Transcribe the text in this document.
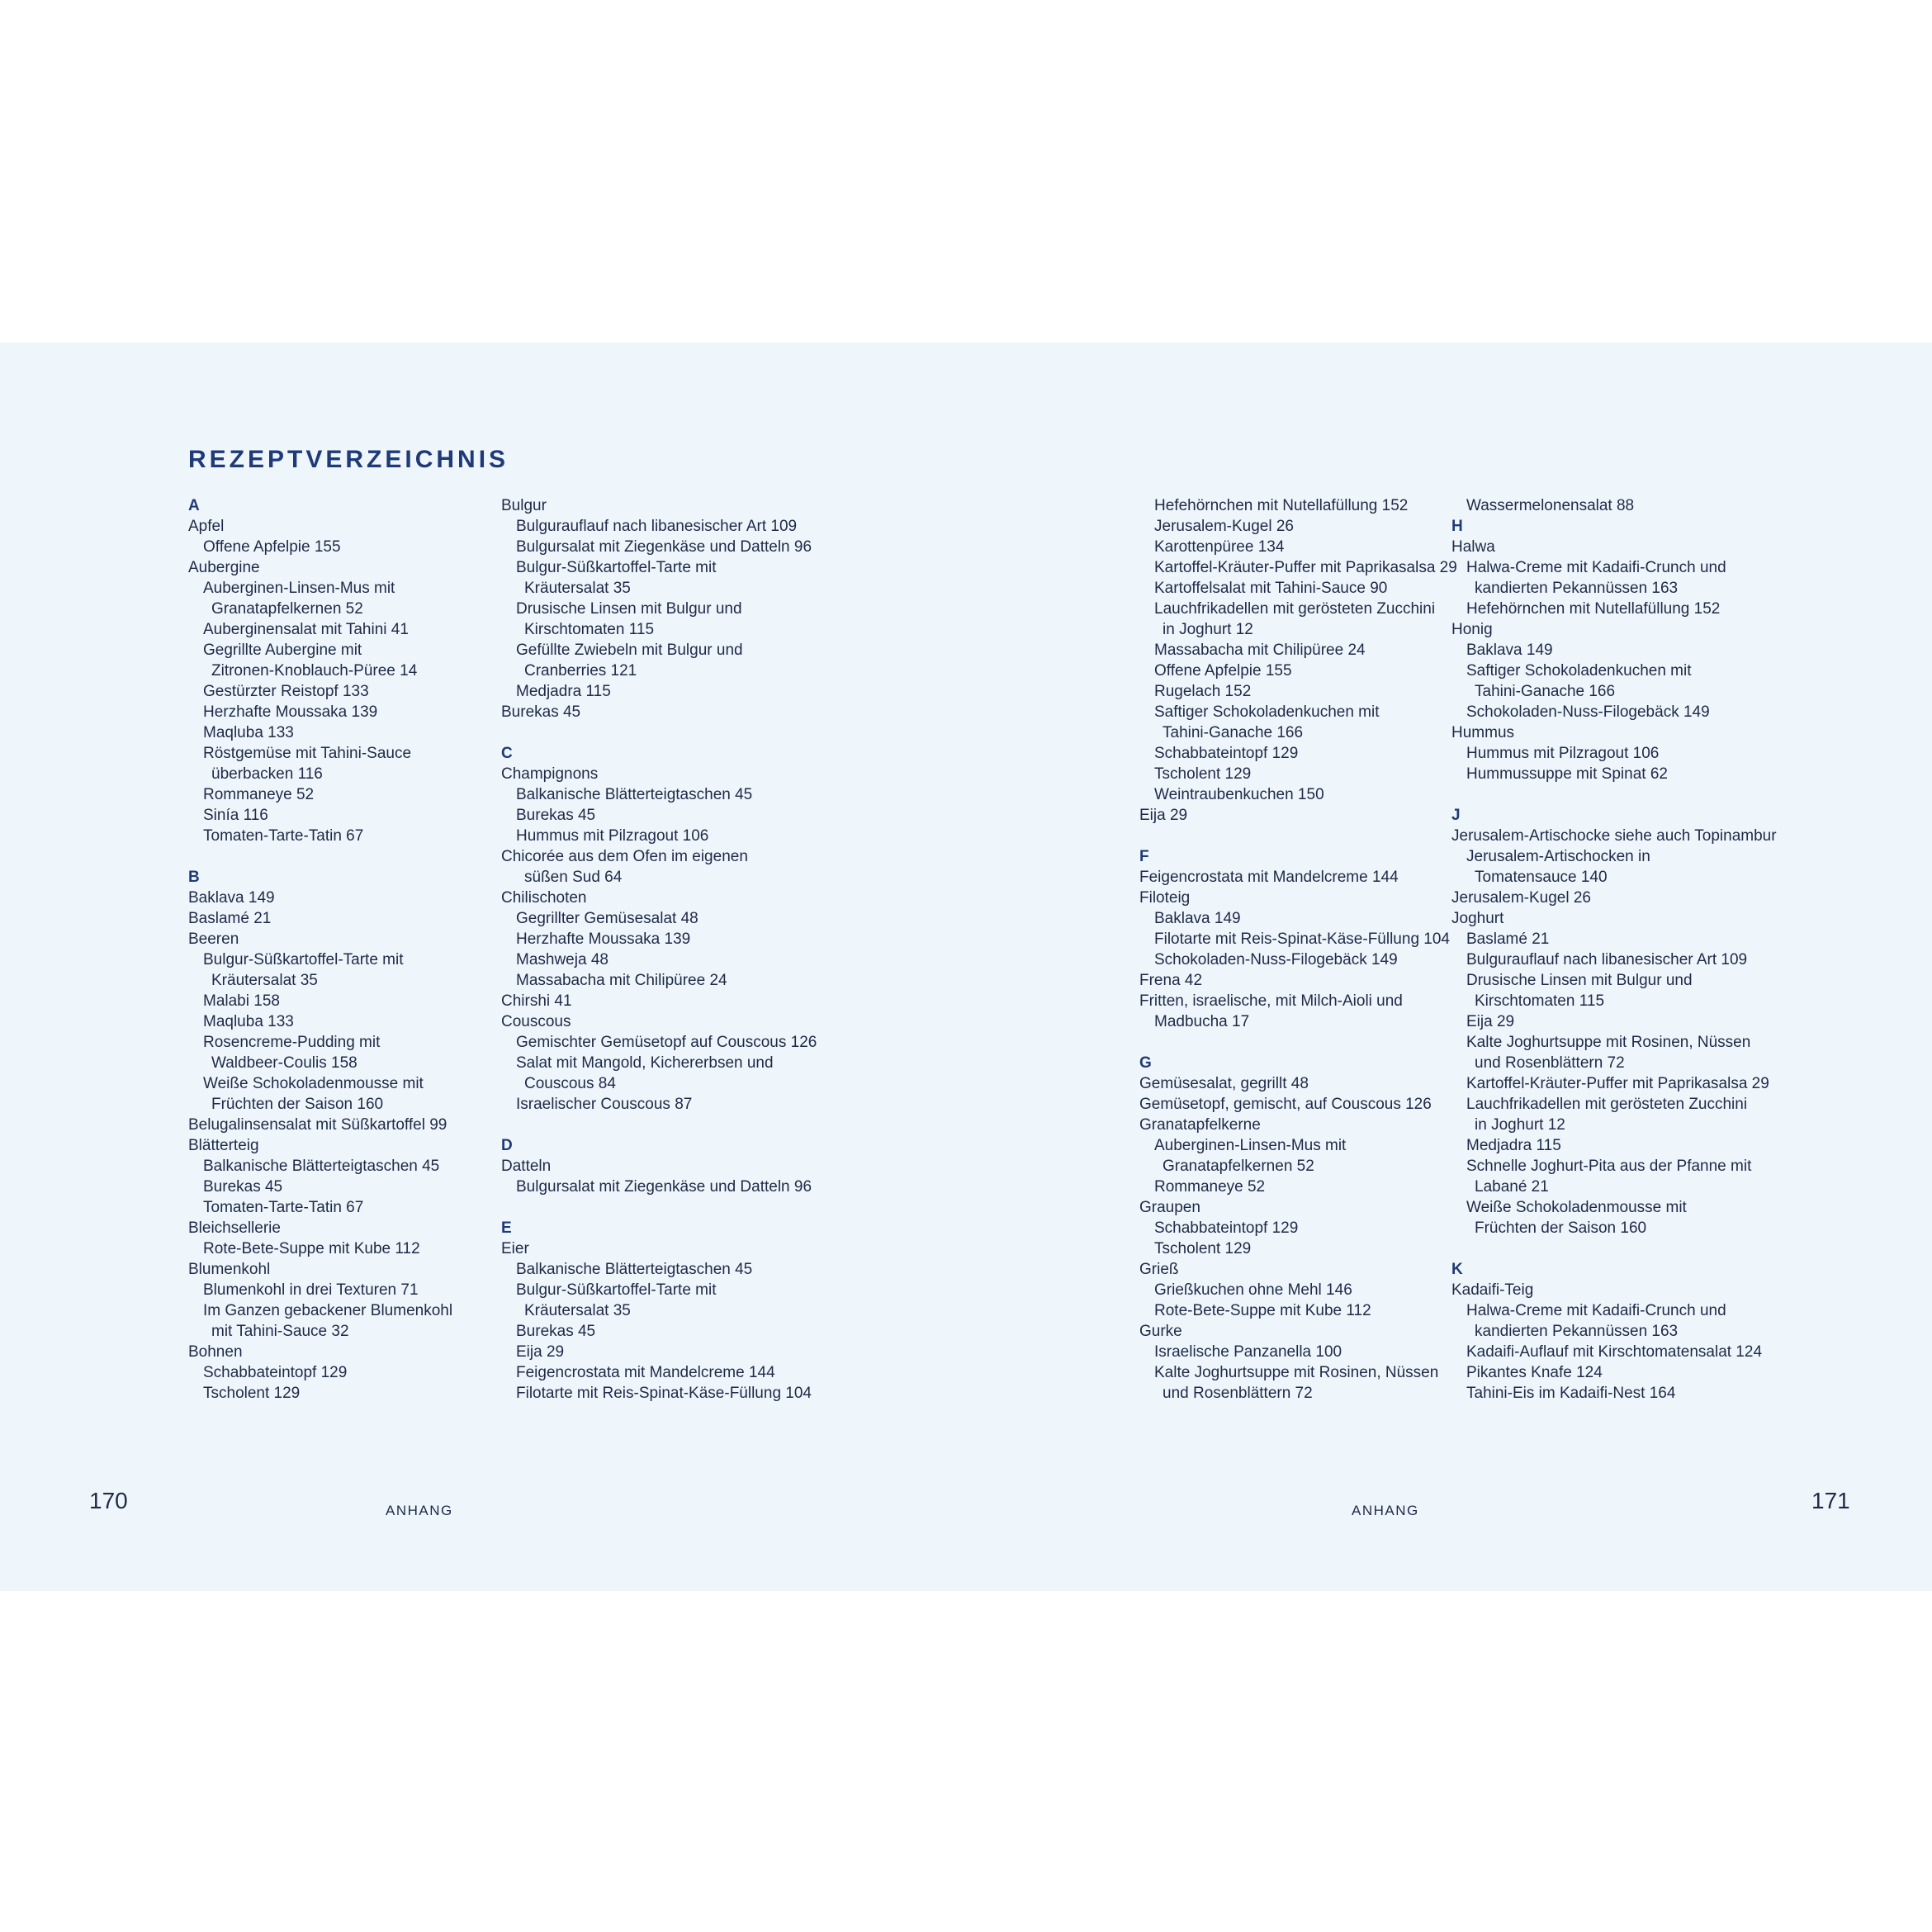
REZEPTVERZEICHNIS
A
Apfel
Offene Apfelpie 155
Aubergine
Auberginen-Linsen-Mus mit
Granatapfelkernen 52
Auberginensalat mit Tahini 41
Gegrillte Aubergine mit
Zitronen-Knoblauch-Püree 14
Gestürzter Reistopf 133
Herzhafte Moussaka 139
Maqluba 133
Röstgemüse mit Tahini-Sauce
überbacken 116
Rommaneye 52
Sinía 116
Tomaten-Tarte-Tatin 67
B
Baklava 149
Baslamé 21
Beeren
Bulgur-Süßkartoffel-Tarte mit
Kräutersalat 35
Malabi 158
Maqluba 133
Rosencreme-Pudding mit
Waldbeer-Coulis 158
Weiße Schokoladenmousse mit
Früchten der Saison 160
Belugalinsensalat mit Süßkartoffel 99
Blätterteig
Balkanische Blätterteigtaschen 45
Burekas 45
Tomaten-Tarte-Tatin 67
Bleichsellerie
Rote-Bete-Suppe mit Kube 112
Blumenkohl
Blumenkohl in drei Texturen 71
Im Ganzen gebackener Blumenkohl
mit Tahini-Sauce 32
Bohnen
Schabbateintopf 129
Tscholent 129
Bulgur
Bulgurauflauf nach libanesischer Art 109
Bulgursalat mit Ziegenkäse und Datteln 96
Bulgur-Süßkartoffel-Tarte mit
Kräutersalat 35
Drusische Linsen mit Bulgur und
Kirschtomaten 115
Gefüllte Zwiebeln mit Bulgur und
Cranberries 121
Medjadra 115
Burekas 45
C
Champignons
Balkanische Blätterteigtaschen 45
Burekas 45
Hummus mit Pilzragout 106
Chicorée aus dem Ofen im eigenen
süßen Sud 64
Chilischoten
Gegrillter Gemüsesalat 48
Herzhafte Moussaka 139
Mashweja 48
Massabacha mit Chilipüree 24
Chirshi 41
Couscous
Gemischter Gemüsetopf auf Couscous 126
Salat mit Mangold, Kichererbsen und
Couscous 84
Israelischer Couscous 87
D
Datteln
Bulgursalat mit Ziegenkäse und Datteln 96
E
Eier
Balkanische Blätterteigtaschen 45
Bulgur-Süßkartoffel-Tarte mit
Kräutersalat 35
Burekas 45
Eija 29
Feigencrostata mit Mandelcreme 144
Filotarte mit Reis-Spinat-Käse-Füllung 104
Hefehörnchen mit Nutellafüllung 152
Jerusalem-Kugel 26
Karottenpüree 134
Kartoffel-Kräuter-Puffer mit Paprikasalsa 29
Kartoffelsalat mit Tahini-Sauce 90
Lauchfrikadellen mit gerösteten Zucchini
in Joghurt 12
Massabacha mit Chilipüree 24
Offene Apfelpie 155
Rugelach 152
Saftiger Schokoladenkuchen mit
Tahini-Ganache 166
Schabbateintopf 129
Tscholent 129
Weintraubenkuchen 150
Eija 29
F
Feigencrostata mit Mandelcreme 144
Filoteig
Baklava 149
Filotarte mit Reis-Spinat-Käse-Füllung 104
Schokoladen-Nuss-Filogebäck 149
Frena 42
Fritten, israelische, mit Milch-Aioli und
Madbucha 17
G
Gemüsesalat, gegrillt 48
Gemüsetopf, gemischt, auf Couscous 126
Granatapfelkerne
Auberginen-Linsen-Mus mit
Granatapfelkernen 52
Rommaneye 52
Graupen
Schabbateintopf 129
Tscholent 129
Grieß
Grießkuchen ohne Mehl 146
Rote-Bete-Suppe mit Kube 112
Gurke
Israelische Panzanella 100
Kalte Joghurtsuppe mit Rosinen, Nüssen
und Rosenblättern 72
Wassermelonensalat 88
H
Halwa
Halwa-Creme mit Kadaifi-Crunch und
kandierten Pekannüssen 163
Hefehörnchen mit Nutellafüllung 152
Honig
Baklava 149
Saftiger Schokoladenkuchen mit
Tahini-Ganache 166
Schokoladen-Nuss-Filogebäck 149
Hummus
Hummus mit Pilzragout 106
Hummussuppe mit Spinat 62
J
Jerusalem-Artischocke siehe auch Topinambur
Jerusalem-Artischocken in
Tomatensauce 140
Jerusalem-Kugel 26
Joghurt
Baslamé 21
Bulgurauflauf nach libanesischer Art 109
Drusische Linsen mit Bulgur und
Kirschtomaten 115
Eija 29
Kalte Joghurtsuppe mit Rosinen, Nüssen
und Rosenblättern 72
Kartoffel-Kräuter-Puffer mit Paprikasalsa 29
Lauchfrikadellen mit gerösteten Zucchini
in Joghurt 12
Medjadra 115
Schnelle Joghurt-Pita aus der Pfanne mit
Labané 21
Weiße Schokoladenmousse mit
Früchten der Saison 160
K
Kadaifi-Teig
Halwa-Creme mit Kadaifi-Crunch und
kandierten Pekannüssen 163
Kadaifi-Auflauf mit Kirschtomatensalat 124
Pikantes Knafe 124
Tahini-Eis im Kadaifi-Nest 164
170	ANHANG	ANHANG	171
